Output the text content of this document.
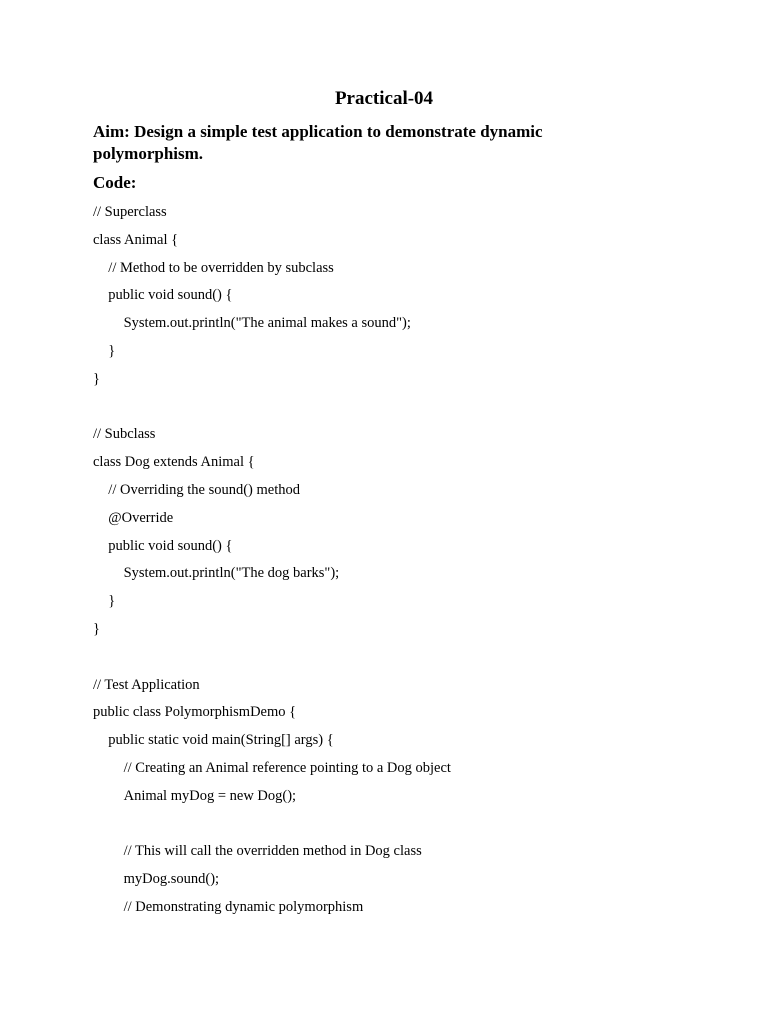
Practical-04
Aim: Design a simple test application to demonstrate dynamic polymorphism.
Code:
// Superclass
class Animal {
// Method to be overridden by subclass
public void sound() {
System.out.println("The animal makes a sound");
}
}
// Subclass
class Dog extends Animal {
// Overriding the sound() method
@Override
public void sound() {
System.out.println("The dog barks");
}
}
// Test Application
public class PolymorphismDemo {
public static void main(String[] args) {
// Creating an Animal reference pointing to a Dog object
Animal myDog = new Dog();
// This will call the overridden method in Dog class
myDog.sound();
// Demonstrating dynamic polymorphism
